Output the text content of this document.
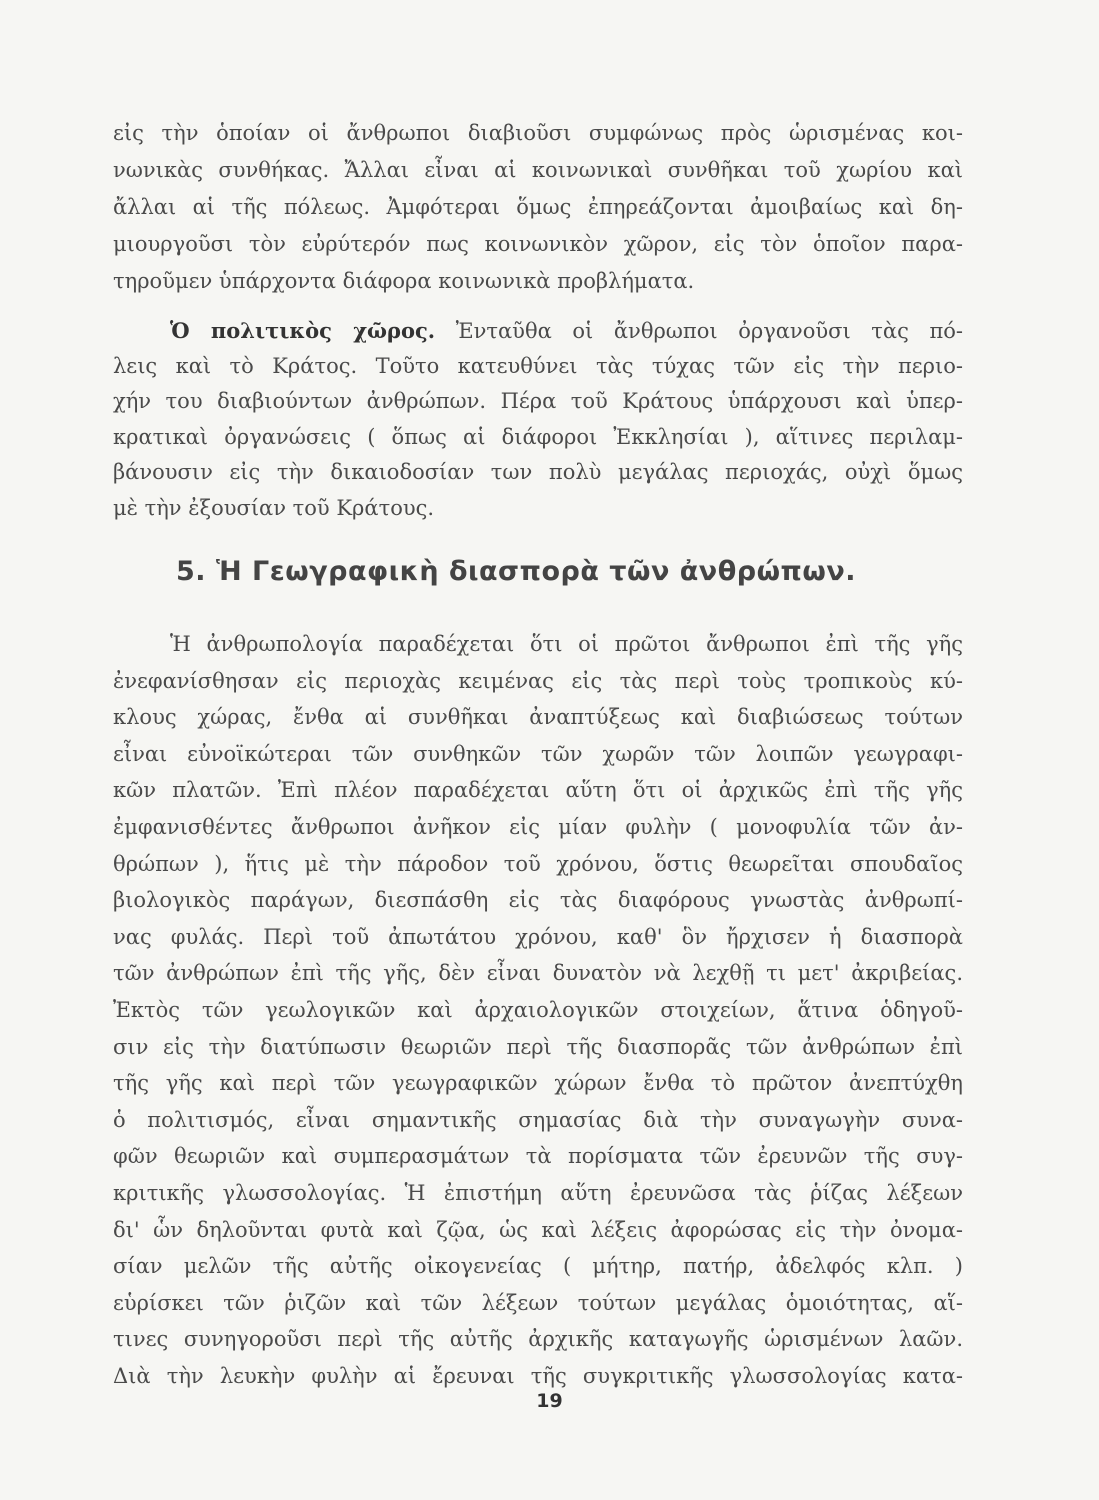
εἰς τὴν ὁποίαν οἱ ἄνθρωποι διαβιοῦσι συμφώνως πρὸς ὡρισμένας κοι-
νωνικὰς συνθήκας. Ἄλλαι εἶναι αἱ κοινωνικαὶ συνθῆκαι τοῦ χωρίου καὶ
ἄλλαι αἱ τῆς πόλεως. Ἀμφότεραι ὅμως ἐπηρεάζονται ἀμοιβαίως καὶ δη-
μιουργοῦσι τὸν εὐρύτερόν πως κοινωνικὸν χῶρον, εἰς τὸν ὁποῖον παρα-
τηροῦμεν ὑπάρχοντα διάφορα κοινωνικὰ προβλήματα.
Ὁ πολιτικὸς χῶρος. Ἐνταῦθα οἱ ἄνθρωποι ὀργανοῦσι τὰς πό-
λεις καὶ τὸ Κράτος. Τοῦτο κατευθύνει τὰς τύχας τῶν εἰς τὴν περιο-
χήν του διαβιούντων ἀνθρώπων. Πέρα τοῦ Κράτους ὑπάρχουσι καὶ ὑπερ-
κρατικαὶ ὀργανώσεις ( ὅπως αἱ διάφοροι Ἐκκλησίαι ), αἵτινες περιλαμ-
βάνουσιν εἰς τὴν δικαιοδοσίαν των πολὺ μεγάλας περιοχάς, οὐχὶ ὅμως
μὲ τὴν ἐξουσίαν τοῦ Κράτους.
5. Ἡ Γεωγραφικὴ διασπορὰ τῶν ἀνθρώπων.
Ἡ ἀνθρωπολογία παραδέχεται ὅτι οἱ πρῶτοι ἄνθρωποι ἐπὶ τῆς γῆς
ἐνεφανίσθησαν εἰς περιοχὰς κειμένας εἰς τὰς περὶ τοὺς τροπικοὺς κύ-
κλους χώρας, ἔνθα αἱ συνθῆκαι ἀναπτύξεως καὶ διαβιώσεως τούτων
εἶναι εὐνοϊκώτεραι τῶν συνθηκῶν τῶν χωρῶν τῶν λοιπῶν γεωγραφι-
κῶν πλατῶν. Ἐπὶ πλέον παραδέχεται αὕτη ὅτι οἱ ἀρχικῶς ἐπὶ τῆς γῆς
ἐμφανισθέντες ἄνθρωποι ἀνῆκον εἰς μίαν φυλὴν ( μονοφυλία τῶν ἀν-
θρώπων ), ἥτις μὲ τὴν πάροδον τοῦ χρόνου, ὅστις θεωρεῖται σπουδαῖος
βιολογικὸς παράγων, διεσπάσθη εἰς τὰς διαφόρους γνωστὰς ἀνθρωπί-
νας φυλάς. Περὶ τοῦ ἀπωτάτου χρόνου, καθ' ὃν ἤρχισεν ἡ διασπορὰ
τῶν ἀνθρώπων ἐπὶ τῆς γῆς, δὲν εἶναι δυνατὸν νὰ λεχθῇ τι μετ' ἀκριβείας.
Ἐκτὸς τῶν γεωλογικῶν καὶ ἀρχαιολογικῶν στοιχείων, ἅτινα ὁδηγοῦ-
σιν εἰς τὴν διατύπωσιν θεωριῶν περὶ τῆς διασπορᾶς τῶν ἀνθρώπων ἐπὶ
τῆς γῆς καὶ περὶ τῶν γεωγραφικῶν χώρων ἔνθα τὸ πρῶτον ἀνεπτύχθη
ὁ πολιτισμός, εἶναι σημαντικῆς σημασίας διὰ τὴν συναγωγὴν συνα-
φῶν θεωριῶν καὶ συμπερασμάτων τὰ πορίσματα τῶν ἐρευνῶν τῆς συγ-
κριτικῆς γλωσσολογίας. Ἡ ἐπιστήμη αὕτη ἐρευνῶσα τὰς ῥίζας λέξεων
δι' ὧν δηλοῦνται φυτὰ καὶ ζῷα, ὡς καὶ λέξεις ἀφορώσας εἰς τὴν ὀνομα-
σίαν μελῶν τῆς αὐτῆς οἰκογενείας ( μήτηρ, πατήρ, ἀδελφός κλπ. )
εὑρίσκει τῶν ῥιζῶν καὶ τῶν λέξεων τούτων μεγάλας ὁμοιότητας, αἵ-
τινες συνηγοροῦσι περὶ τῆς αὐτῆς ἀρχικῆς καταγωγῆς ὡρισμένων λαῶν.
Διὰ τὴν λευκὴν φυλὴν αἱ ἔρευναι τῆς συγκριτικῆς γλωσσολογίας κατα-
19
